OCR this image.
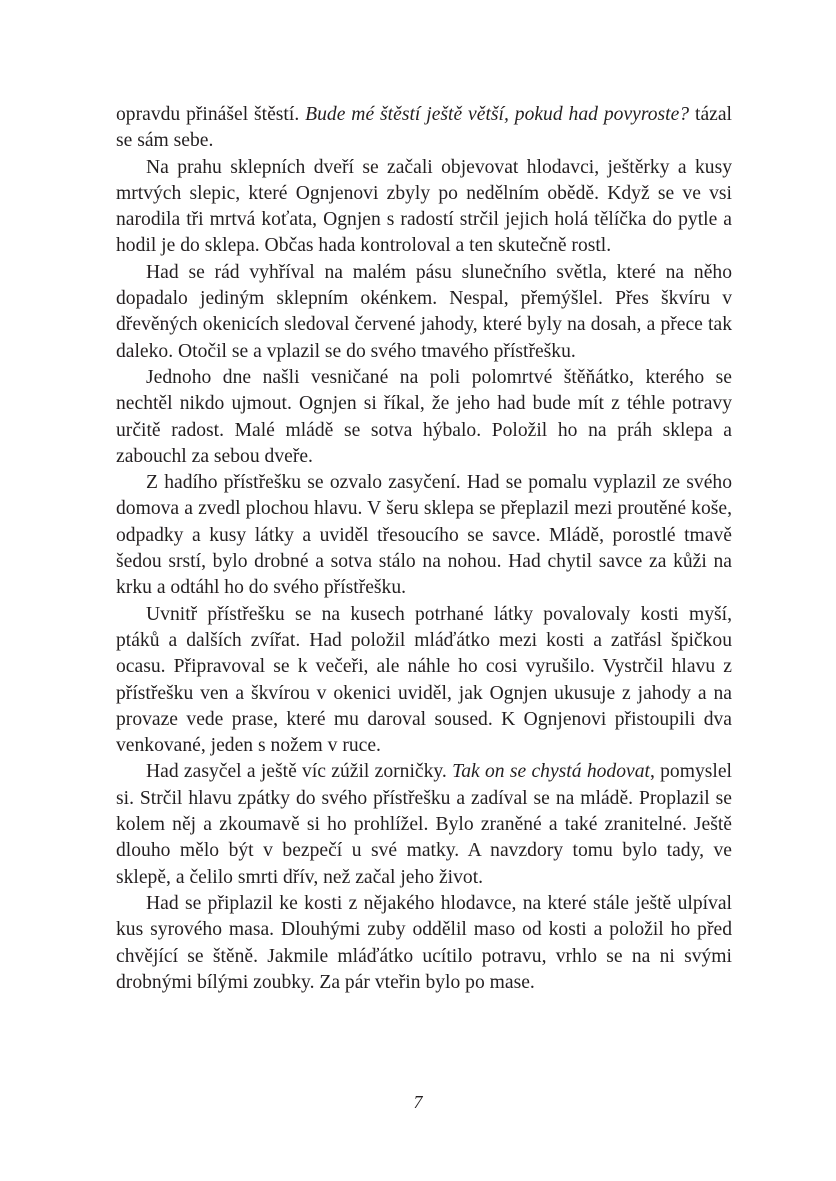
opravdu přinášel štěstí. Bude mé štěstí ještě větší, pokud had povyroste? tázal se sám sebe.

Na prahu sklepních dveří se začali objevovat hlodavci, ještěrky a kusy mrtvých slepic, které Ognjenovi zbyly po nedělním obědě. Když se ve vsi narodila tři mrtvá koťata, Ognjen s radostí strčil jejich holá tělíčka do pytle a hodil je do sklepa. Občas hada kontroloval a ten skutečně rostl.

Had se rád vyhříval na malém pásu slunečního světla, které na něho dopadalo jediným sklepním okénkem. Nespal, přemýšlel. Přes škvíru v dřevěných okenicích sledoval červené jahody, které byly na dosah, a přece tak daleko. Otočil se a vplazil se do svého tmavého přístřešku.

Jednoho dne našli vesničané na poli polomrtvé štěňátko, kterého se nechtěl nikdo ujmout. Ognjen si říkal, že jeho had bude mít z téhle potravy určitě radost. Malé mládě se sotva hýbalo. Položil ho na práh sklepa a zabouchl za sebou dveře.

Z hadího přístřešku se ozvalo zasyčení. Had se pomalu vyplazil ze svého domova a zvedl plochou hlavu. V šeru sklepa se přeplazil mezi proutěné koše, odpadky a kusy látky a uviděl třesoucího se savce. Mládě, porostlé tmavě šedou srstí, bylo drobné a sotva stálo na nohou. Had chytil savce za kůži na krku a odtáhl ho do svého přístřešku.

Uvnitř přístřešku se na kusech potrhané látky povalovaly kosti myší, ptáků a dalších zvířat. Had položil mláďátko mezi kosti a zatřásl špičkou ocasu. Připravoval se k večeři, ale náhle ho cosi vyrušilo. Vystrčil hlavu z přístřešku ven a škvírou v okenici uviděl, jak Ognjen ukusuje z jahody a na provaze vede prase, které mu daroval soused. K Ognjenovi přistoupili dva venkované, jeden s nožem v ruce.

Had zasyčel a ještě víc zúžil zorničky. Tak on se chystá hodovat, pomyslel si. Strčil hlavu zpátky do svého přístřešku a zadíval se na mládě. Proplazil se kolem něj a zkoumavě si ho prohlížel. Bylo zraněné a také zranitelné. Ještě dlouho mělo být v bezpečí u své matky. A navzdory tomu bylo tady, ve sklepě, a čelilo smrti dřív, než začal jeho život.

Had se připlazil ke kosti z nějakého hlodavce, na které stále ještě ulpíval kus syrového masa. Dlouhými zuby oddělil maso od kosti a položil ho před chvějící se štěně. Jakmile mláďátko ucítilo potravu, vrhlo se na ni svými drobnými bílými zoubky. Za pár vteřin bylo po mase.

7
